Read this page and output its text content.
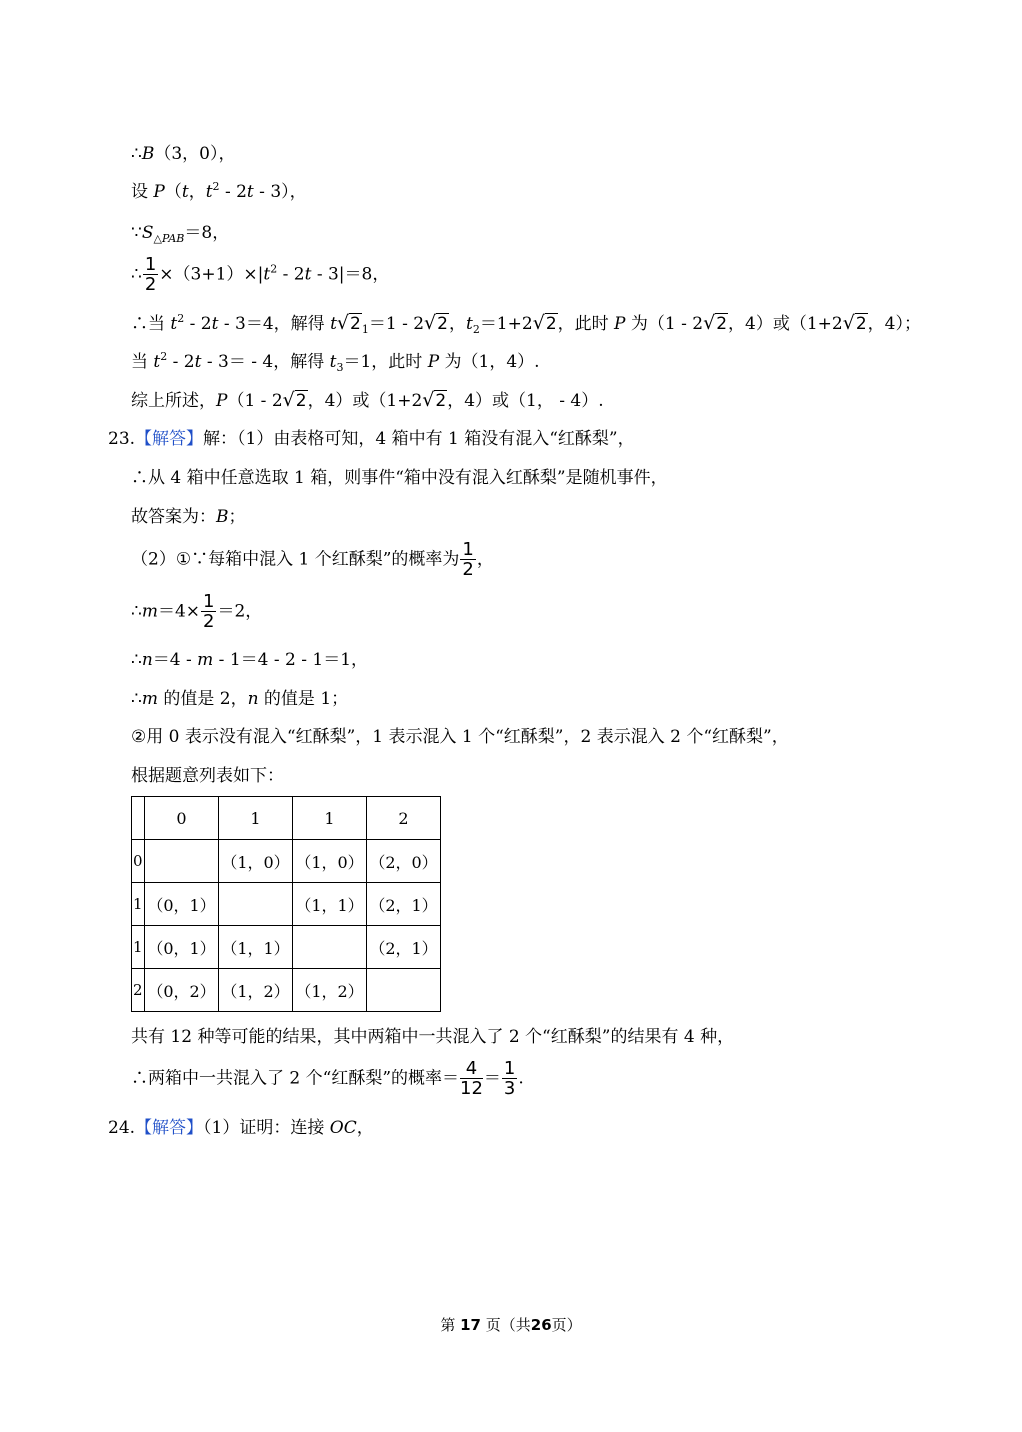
∴B（3，0），
设 P（t，$t^2 - 2t - 3$），
$\because S_{\triangle PAB}=8$，
∴ $\frac{1}{2} \times(3+1)\times|t^2 - 2t - 3|=8$，
∴当 $t^2 - 2t - 3=4$，解得 $t√2_1=1 - 2√2$，$t_2=1+2√2$，此时 P 为（1 - 2√2，4）或（1+2√2，4）；
当 $t^2 - 2t - 3= - 4$，解得 $t_3=1$，此时 P 为（1，4）.
综上所述，P（1 - 2√2，4）或（1+2√2，4）或（1， - 4）.
23.【解答】解：（1）由表格可知，4 箱中有 1 箱没有混入“红酥梨”，
∴从 4 箱中任意选取 1 箱，则事件“箱中没有混入红酥梨”是随机事件，
故答案为：B；
（2）①∵每箱中混入 1 个红酥梨”的概率为 $\frac{1}{2}$ ，
∴m＝4× $\frac{1}{2} =2$，
∴n＝4 - m - 1＝4 - 2 - 1＝1，
∴m 的值是 2，n 的值是 1；
②用 0 表示没有混入“红酥梨”，1 表示混入 1 个“红酥梨”，2 表示混入 2 个“红酥梨”，
根据题意列表如下：
	0	1	1	2
0		（1，0）	（1，0）	（2，0）
1	（0，1）		（1，1）	（2，1）
1	（0，1）	（1，1）		（2，1）
2	（0，2）	（1，2）	（1，2）	
共有 12 种等可能的结果，其中两箱中一共混入了 2 个“红酥梨”的结果有 4 种，
∴两箱中一共混入了 2 个“红酥梨”的概率＝ $\frac{4}{12} = \frac{1}{3}$ .
24.【解答】（1）证明：连接 OC，
第 17 页（共26页）
